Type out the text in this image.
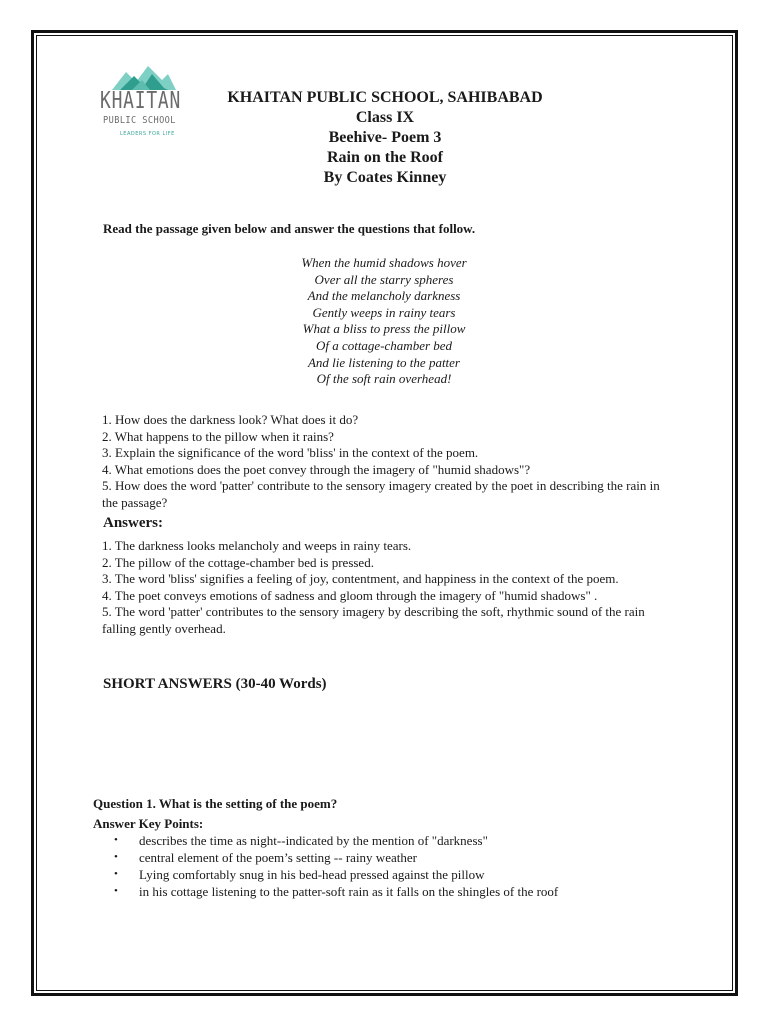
KHAITAN
PUBLIC SCHOOL
LEADERS FOR LIFE
KHAITAN PUBLIC SCHOOL, SAHIBABAD
Class IX
Beehive- Poem 3
Rain on the Roof
By Coates Kinney
Read the passage given below and answer the questions that follow.
When the humid shadows hover
Over all the starry spheres
And the melancholy darkness
Gently weeps in rainy tears
What a bliss to press the pillow
Of a cottage-chamber bed
And lie listening to the patter
Of the soft rain overhead!
1. How does the darkness look? What does it do?
2. What happens to the pillow when it rains?
3. Explain the significance of the word 'bliss' in the context of the poem.
4. What emotions does the poet convey through the imagery of "humid shadows"?
5. How does the word 'patter' contribute to the sensory imagery created by the poet in describing the rain in the passage?
Answers:
1. The darkness looks melancholy and weeps in rainy tears.
2. The pillow of the cottage-chamber bed is pressed.
3. The word 'bliss' signifies a feeling of joy, contentment, and happiness in the context of the poem.
4. The poet conveys emotions of sadness and gloom through the imagery of "humid shadows" .
5. The word 'patter' contributes to the sensory imagery by describing the soft, rhythmic sound of the rain falling gently overhead.
SHORT ANSWERS (30-40 Words)
Question 1. What is the setting of the poem?
Answer Key Points:
• describes the time as night--indicated by the mention of "darkness"
• central element of the poem’s setting -- rainy weather
• Lying comfortably snug in his bed-head pressed against the pillow
• in his cottage listening to the patter-soft rain as it falls on the shingles of the roof
